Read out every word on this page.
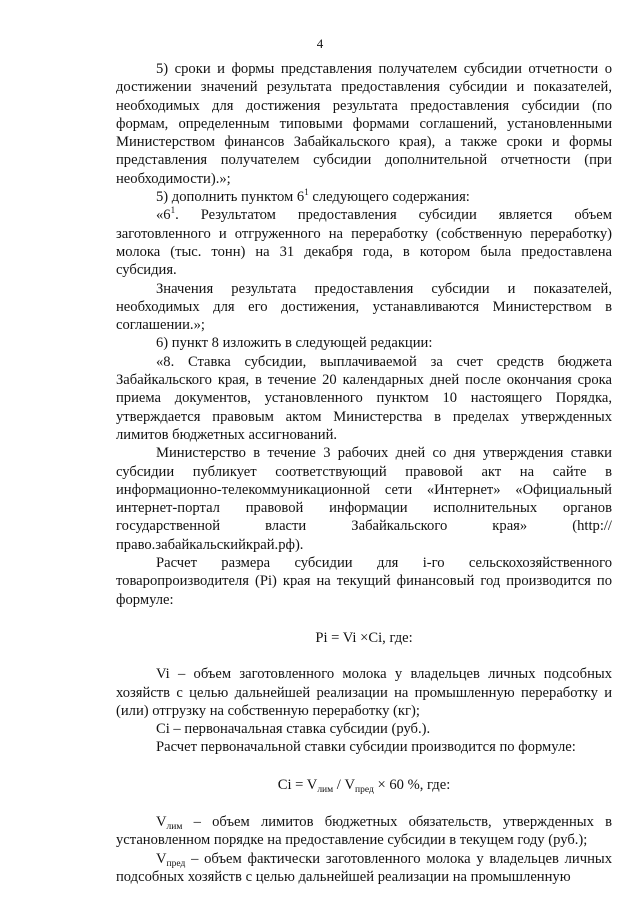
4

5) сроки и формы представления получателем субсидии отчетности о достижении значений результата предоставления субсидии и показателей, необходимых для достижения результата предоставления субсидии (по формам, определенным типовыми формами соглашений, установленными Министерством финансов Забайкальского края), а также сроки и формы представления получателем субсидии дополнительной отчетности (при необходимости).»;

5) дополнить пунктом $6^1$ следующего содержания:

«$6^1$. Результатом предоставления субсидии является объем заготовленного и отгруженного на переработку (собственную переработку) молока (тыс. тонн) на 31 декабря года, в котором была предоставлена субсидия.

Значения результата предоставления субсидии и показателей, необходимых для его достижения, устанавливаются Министерством в соглашении.»;

6) пункт 8 изложить в следующей редакции:

«8. Ставка субсидии, выплачиваемой за счет средств бюджета Забайкальского края, в течение 20 календарных дней после окончания срока приема документов, установленного пунктом 10 настоящего Порядка, утверждается правовым актом Министерства в пределах утвержденных лимитов бюджетных ассигнований.

Министерство в течение 3 рабочих дней со дня утверждения ставки субсидии публикует соответствующий правовой акт на сайте в информационно-телекоммуникационной сети «Интернет» «Официальный интернет-портал правовой информации исполнительных органов государственной власти Забайкальского края» (http://право.забайкальскийкрай.рф).

Расчет размера субсидии для i-го сельскохозяйственного товаропроизводителя (Pi) края на текущий финансовый год производится по формуле:

Pi = Vi ×Ci, где:

Vi – объем заготовленного молока у владельцев личных подсобных хозяйств с целью дальнейшей реализации на промышленную переработку и (или) отгрузку на собственную переработку (кг);

Ci – первоначальная ставка субсидии (руб.).

Расчет первоначальной ставки субсидии производится по формуле:

$Ci = V_{лим} / V_{пред} \times 60$ %, где:

$V_{лим}$ – объем лимитов бюджетных обязательств, утвержденных в установленном порядке на предоставление субсидии в текущем году (руб.);

$V_{пред}$ – объем фактически заготовленного молока у владельцев личных подсобных хозяйств с целью дальнейшей реализации на промышленную
